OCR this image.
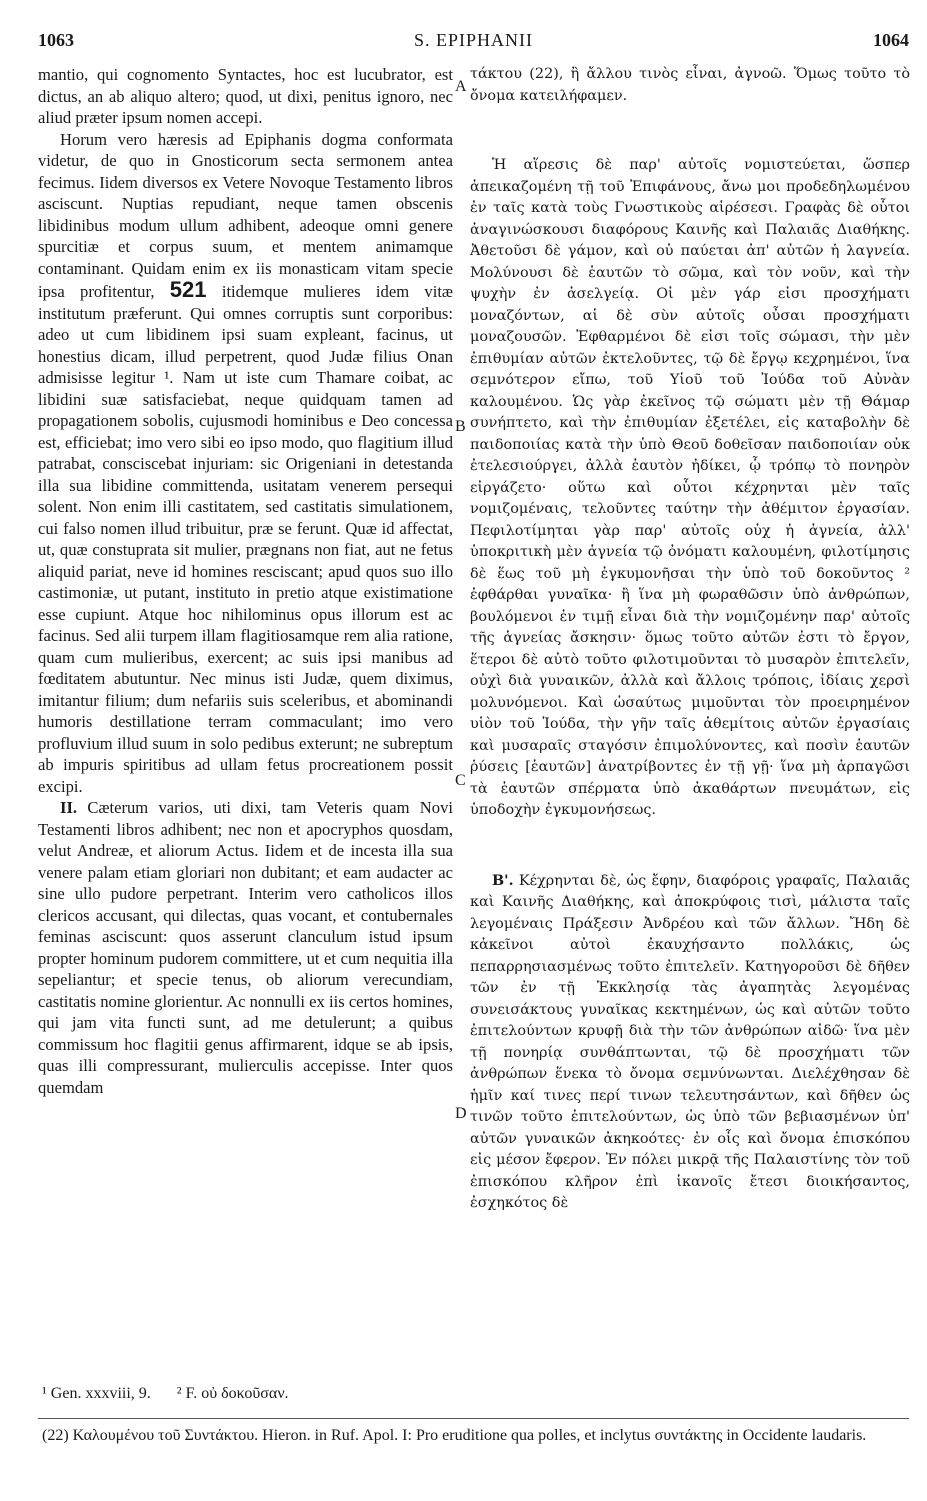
1063	S. EPIPHANII	1064

mantio, qui cognomento Syntactes, hoc est lucubrator, est dictus, an ab aliquo altero; quod, ut dixi, penitus ignoro, nec aliud præter ipsum nomen accepi.

Horum vero hæresis ad Epiphanis dogma conformata videtur, de quo in Gnosticorum secta sermonem antea fecimus. Iidem diversos ex Vetere Novoque Testamento libros asciscunt. Nuptias repudiant, neque tamen obscenis libidinibus modum ullum adhibent, adeoque omni genere spurcitiæ et corpus suum, et mentem animamque contaminant. Quidam enim ex iis monasticam vitam specie ipsa profitentur, 521 itidemque mulieres idem vitæ institutum præferunt. Qui omnes corruptis sunt corporibus: adeo ut cum libidinem ipsi suam expleant, facinus, ut honestius dicam, illud perpetrent, quod Judæ filius Onan admisisse legitur ¹. Nam ut iste cum Thamare coibat, ac libidini suæ satisfaciebat, neque quidquam tamen ad propagationem sobolis, cujusmodi hominibus e Deo concessa est, efficiebat; imo vero sibi eo ipso modo, quo flagitium illud patrabat, consciscebat injuriam: sic Origeniani in detestanda illa sua libidine committenda, usitatam venerem persequi solent. Non enim illi castitatem, sed castitatis simulationem, cui falso nomen illud tribuitur, præ se ferunt. Quæ id affectat, ut, quæ constuprata sit mulier, prægnans non fiat, aut ne fetus aliquid pariat, neve id homines resciscant; apud quos suo illo castimoniæ, ut putant, instituto in pretio atque existimatione esse cupiunt. Atque hoc nihilominus opus illorum est ac facinus. Sed alii turpem illam flagitiosamque rem alia ratione, quam cum mulieribus, exercent; ac suis ipsi manibus ad fœditatem abutuntur. Nec minus isti Judæ, quem diximus, imitantur filium; dum nefariis suis sceleribus, et abominandi humoris destillatione terram commaculant; imo vero profluvium illud suum in solo pedibus exterunt; ne subreptum ab impuris spiritibus ad ullam fetus procreationem possit excipi.

II. Cæterum varios, uti dixi, tam Veteris quam Novi Testamenti libros adhibent; nec non et apocryphos quosdam, velut Andreæ, et aliorum Actus. Iidem et de incesta illa sua venere palam etiam gloriari non dubitant; et eam audacter ac sine ullo pudore perpetrant. Interim vero catholicos illos clericos accusant, qui dilectas, quas vocant, et contubernales feminas asciscunt: quos asserunt clanculum istud ipsum propter hominum pudorem committere, ut et cum nequitia illa sepeliantur; et specie tenus, ob aliorum verecundiam, castitatis nomine glorientur. Ac nonnulli ex iis certos homines, qui jam vita functi sunt, ad me detulerunt; a quibus commissum hoc flagitii genus affirmarent, idque se ab ipsis, quas illi compressurant, mulierculis accepisse. Inter quos quemdam

τάκτου (22), ἢ ἄλλου τινὸς εἶναι, ἀγνοῶ. Ὅμως τοῦτο τὸ ὄνομα κατειλήφαμεν.

Ἡ αἵρεσις δὲ παρ' αὐτοῖς νομιστεύεται, ὥσπερ ἀπεικαζομένη τῇ τοῦ Ἐπιφάνους, ἄνω μοι προδεδηλωμένου ἐν ταῖς κατὰ τοὺς Γνωστικοὺς αἱρέσεσι. Γραφὰς δὲ οὗτοι ἀναγινώσκουσι διαφόρους Καινῆς καὶ Παλαιᾶς Διαθήκης. Ἀθετοῦσι δὲ γάμον, καὶ οὐ παύεται ἀπ' αὐτῶν ἡ λαγνεία. Μολύνουσι δὲ ἑαυτῶν τὸ σῶμα, καὶ τὸν νοῦν, καὶ τὴν ψυχὴν ἐν ἀσελγείᾳ. Οἱ μὲν γάρ εἰσι προσχήματι μοναζόντων, αἱ δὲ σὺν αὐτοῖς οὖσαι προσχήματι μοναζουσῶν. Ἐφθαρμένοι δὲ εἰσι τοῖς σώμασι, τὴν μὲν ἐπιθυμίαν αὐτῶν ἐκτελοῦντες, τῷ δὲ ἔργῳ κεχρημένοι, ἵνα σεμνότερον εἴπω, τοῦ Υἱοῦ τοῦ Ἰούδα τοῦ Αὐνὰν καλουμένου. Ὡς γὰρ ἐκεῖνος τῷ σώματι μὲν τῇ Θάμαρ συνήπτετο, καὶ τὴν ἐπιθυμίαν ἐξετέλει, εἰς καταβολὴν δὲ παιδοποιίας κατὰ τὴν ὑπὸ Θεοῦ δοθεῖσαν παιδοποιίαν οὐκ ἐτελεσιούργει, ἀλλὰ ἑαυτὸν ἠδίκει, ᾧ τρόπῳ τὸ πονηρὸν εἰργάζετο· οὕτω καὶ οὗτοι κέχρηνται μὲν ταῖς νομιζομέναις, τελοῦντες ταύτην τὴν ἀθέμιτον ἐργασίαν. Πεφιλοτίμηται γὰρ παρ' αὐτοῖς οὐχ ἡ ἁγνεία, ἀλλ' ὑποκριτικὴ μὲν ἁγνεία τῷ ὀνόματι καλουμένη, φιλοτίμησις δὲ ἕως τοῦ μὴ ἐγκυμονῆσαι τὴν ὑπὸ τοῦ δοκοῦντος ² ἐφθάρθαι γυναῖκα· ἢ ἵνα μὴ φωραθῶσιν ὑπὸ ἀνθρώπων, βουλόμενοι ἐν τιμῇ εἶναι διὰ τὴν νομιζομένην παρ' αὐτοῖς τῆς ἁγνείας ἄσκησιν· ὅμως τοῦτο αὐτῶν ἐστι τὸ ἔργον, ἕτεροι δὲ αὐτὸ τοῦτο φιλοτιμοῦνται τὸ μυσαρὸν ἐπιτελεῖν, οὐχὶ διὰ γυναικῶν, ἀλλὰ καὶ ἄλλοις τρόποις, ἰδίαις χερσὶ μολυνόμενοι. Καὶ ὡσαύτως μιμοῦνται τὸν προειρημένον υἱὸν τοῦ Ἰούδα, τὴν γῆν ταῖς ἀθεμίτοις αὐτῶν ἐργασίαις καὶ μυσαραῖς σταγόσιν ἐπιμολύνοντες, καὶ ποσὶν ἑαυτῶν ῥύσεις [ἑαυτῶν] ἀνατρίβοντες ἐν τῇ γῇ· ἵνα μὴ ἁρπαγῶσι τὰ ἑαυτῶν σπέρματα ὑπὸ ἀκαθάρτων πνευμάτων, εἰς ὑποδοχὴν ἐγκυμονήσεως.

Β'. Κέχρηνται δὲ, ὡς ἔφην, διαφόροις γραφαῖς, Παλαιᾶς καὶ Καινῆς Διαθήκης, καὶ ἀποκρύφοις τισὶ, μάλιστα ταῖς λεγομέναις Πράξεσιν Ἀνδρέου καὶ τῶν ἄλλων. Ἤδη δὲ κἀκεῖνοι αὐτοὶ ἐκαυχήσαντο πολλάκις, ὡς πεπαρρησιασμένως τοῦτο ἐπιτελεῖν. Κατηγοροῦσι δὲ δῆθεν τῶν ἐν τῇ Ἐκκλησίᾳ τὰς ἀγαπητὰς λεγομένας συνεισάκτους γυναῖκας κεκτημένων, ὡς καὶ αὐτῶν τοῦτο ἐπιτελούντων κρυφῇ διὰ τὴν τῶν ἀνθρώπων αἰδῶ· ἵνα μὲν τῇ πονηρίᾳ συνθάπτωνται, τῷ δὲ προσχήματι τῶν ἀνθρώπων ἕνεκα τὸ ὄνομα σεμνύνωνται. Διελέχθησαν δὲ ἡμῖν καί τινες περί τινων τελευτησάντων, καὶ δῆθεν ὡς τινῶν τοῦτο ἐπιτελούντων, ὡς ὑπὸ τῶν βεβιασμένων ὑπ' αὐτῶν γυναικῶν ἀκηκοότες· ἐν οἷς καὶ ὄνομα ἐπισκόπου εἰς μέσον ἔφερον. Ἐν πόλει μικρᾷ τῆς Παλαιστίνης τὸν τοῦ ἐπισκόπου κλῆρον ἐπὶ ἱκανοῖς ἔτεσι διοικήσαντος, ἐσχηκότος δὲ

A
B
C
D
¹ Gen. xxxviii, 9. ² F. οὐ δοκοῦσαν.
(22) Καλουμένου τοῦ Συντάκτου. Hieron. in Ruf. Apol. I: Pro eruditione qua polles, et inclytus συντάκτης in Occidente laudaris.
